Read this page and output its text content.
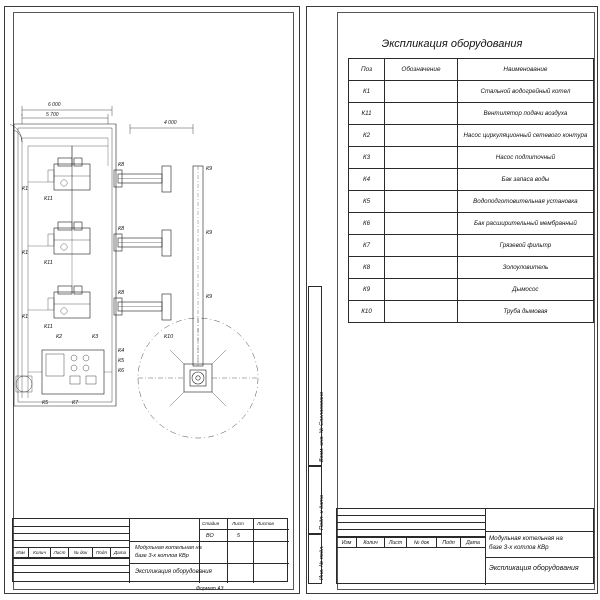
6 000
5 700
4 000
К1
К1
К1
К11
К11
К11
К8
К8
К8
К9
К9
К9
К10
К2	К3
К4
К5
К6
К7
К5
Изм	Колич	Лист	№ док	Подп	Дата
Модульная котельная на
базе 3-х котлов КВр
Экспликация оборудования
Стадия	Лист	Листов
ВО	5
Формат А3
Взам. инв. № Согласовано
Подп. и дата
Инв. № подл.
Экспликация оборудования
Поз	Обозначение	Наименование
К1		Стальной водогрейный котел
К11		Вентилятор подачи воздуха
К2		Насос циркуляционный сетевого контура
К3		Насос подпиточный
К4		Бак запаса воды
К5		Водоподготовительная установка
К6		Бак расширительный мембранный
К7		Грязевой фильтр
К8		Золоуловитель
К9		Дымосос
К10		Труба дымовая
Изм	Колич	Лист	№ док	Подп	Дата
Модульная котельная на
базе 3-х котлов КВр
Экспликация оборудования
